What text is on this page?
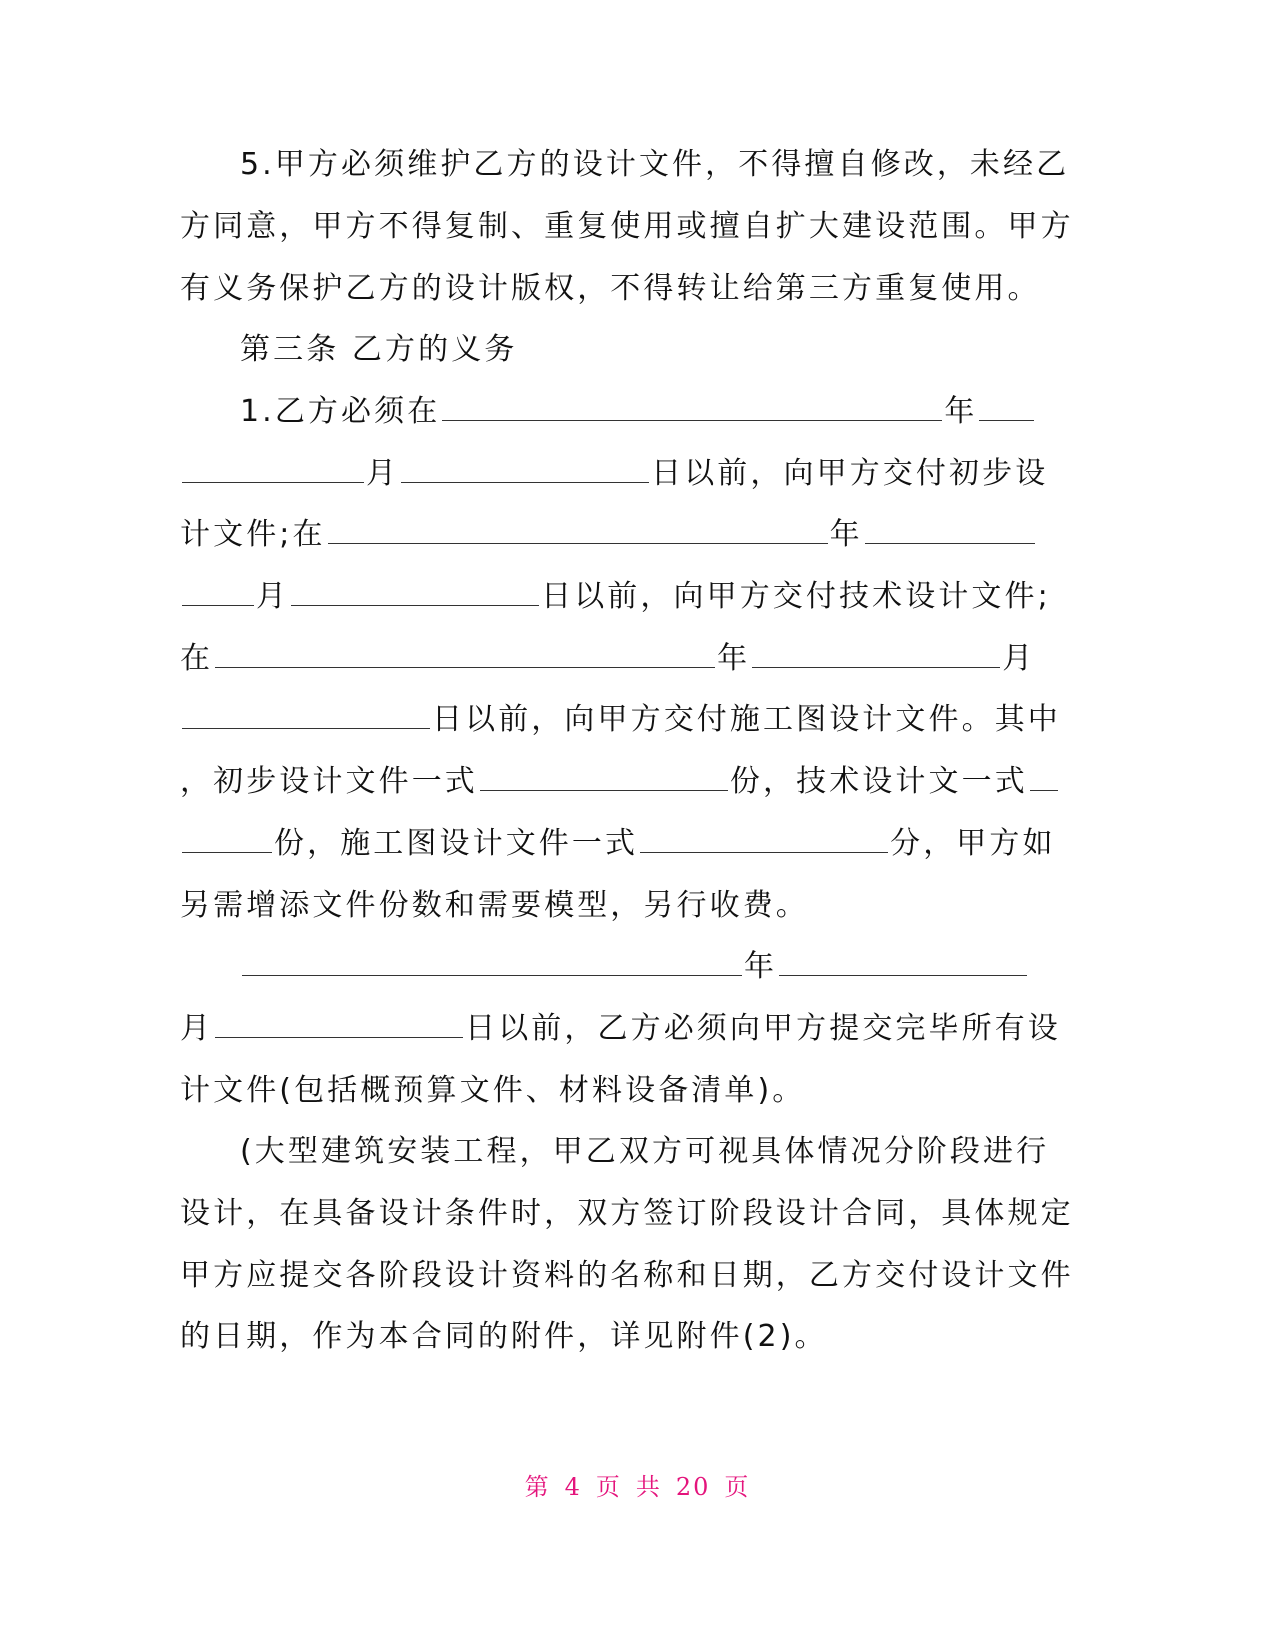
5.甲方必须维护乙方的设计文件，不得擅自修改，未经乙
方同意，甲方不得复制、重复使用或擅自扩大建设范围。甲方
有义务保护乙方的设计版权，不得转让给第三方重复使用。
第三条 乙方的义务
1.乙方必须在	年
月	日以前，向甲方交付初步设
计文件;在	年
月	日以前，向甲方交付技术设计文件;
在	年	月
日以前，向甲方交付施工图设计文件。其中
，初步设计文件一式	份，技术设计文一式
份，施工图设计文件一式	分，甲方如
另需增添文件份数和需要模型，另行收费。
年
月	日以前，乙方必须向甲方提交完毕所有设
计文件(包括概预算文件、材料设备清单)。
(大型建筑安装工程，甲乙双方可视具体情况分阶段进行
设计，在具备设计条件时，双方签订阶段设计合同，具体规定
甲方应提交各阶段设计资料的名称和日期，乙方交付设计文件
的日期，作为本合同的附件，详见附件(2)。
第 4 页 共 20 页
